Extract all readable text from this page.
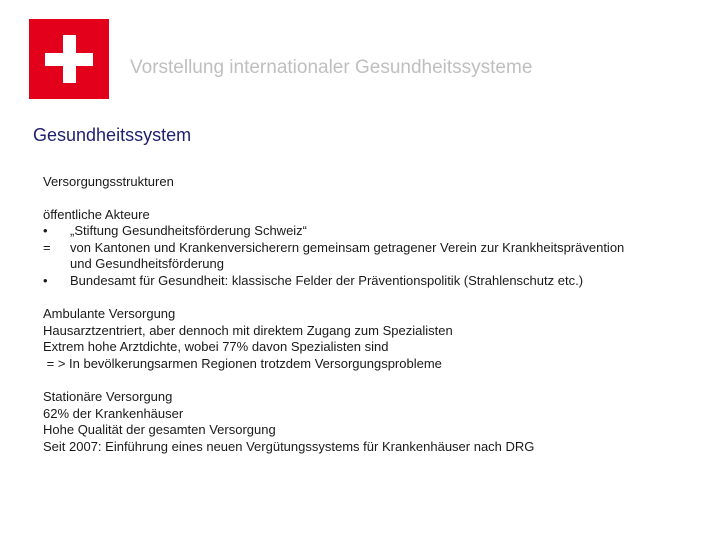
Vorstellung internationaler Gesundheitssysteme
Gesundheitssystem

Versorgungsstrukturen

öffentliche Akteure

•	„Stiftung Gesundheitsförderung Schweiz“
=	von Kantonen und Krankenversicherern gemeinsam getragener Verein zur Krankheitsprävention und Gesundheitsförderung
•	Bundesamt für Gesundheit: klassische Felder der Präventionspolitik (Strahlenschutz etc.)

Ambulante Versorgung

Hausarztzentriert, aber dennoch mit direktem Zugang zum Spezialisten

Extrem hohe Arztdichte, wobei 77% davon Spezialisten sind

= > In bevölkerungsarmen Regionen trotzdem Versorgungsprobleme

Stationäre Versorgung

62% der Krankenhäuser

Hohe Qualität der gesamten Versorgung

Seit 2007: Einführung eines neuen Vergütungssystems für Krankenhäuser nach DRG
